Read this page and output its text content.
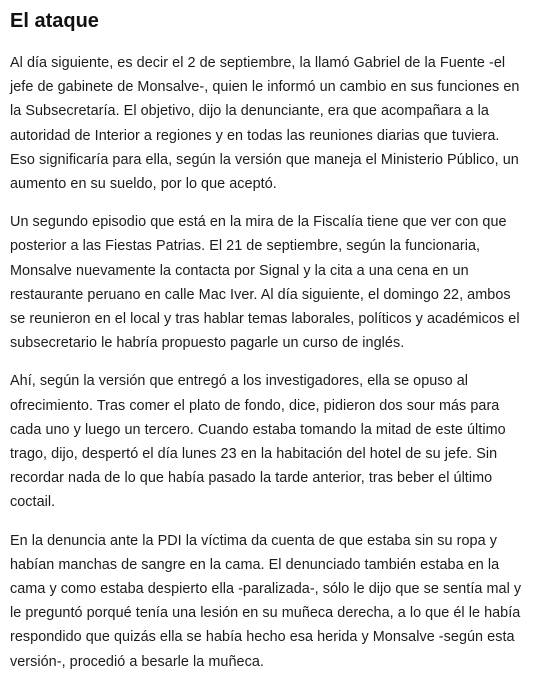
El ataque

Al día siguiente, es decir el 2 de septiembre, la llamó Gabriel de la Fuente -el jefe de gabinete de Monsalve-, quien le informó un cambio en sus funciones en la Subsecretaría. El objetivo, dijo la denunciante, era que acompañara a la autoridad de Interior a regiones y en todas las reuniones diarias que tuviera. Eso significaría para ella, según la versión que maneja el Ministerio Público, un aumento en su sueldo, por lo que aceptó.

Un segundo episodio que está en la mira de la Fiscalía tiene que ver con que posterior a las Fiestas Patrias. El 21 de septiembre, según la funcionaria, Monsalve nuevamente la contacta por Signal y la cita a una cena en un restaurante peruano en calle Mac Iver. Al día siguiente, el domingo 22, ambos se reunieron en el local y tras hablar temas laborales, políticos y académicos el subsecretario le habría propuesto pagarle un curso de inglés.

Ahí, según la versión que entregó a los investigadores, ella se opuso al ofrecimiento. Tras comer el plato de fondo, dice, pidieron dos sour más para cada uno y luego un tercero. Cuando estaba tomando la mitad de este último trago, dijo, despertó el día lunes 23 en la habitación del hotel de su jefe. Sin recordar nada de lo que había pasado la tarde anterior, tras beber el último coctail.

En la denuncia ante la PDI la víctima da cuenta de que estaba sin su ropa y habían manchas de sangre en la cama. El denunciado también estaba en la cama y como estaba despierto ella -paralizada-, sólo le dijo que se sentía mal y le preguntó porqué tenía una lesión en su muñeca derecha, a lo que él le había respondido que quizás ella se había hecho esa herida y Monsalve -según esta versión-, procedió a besarle la muñeca.
